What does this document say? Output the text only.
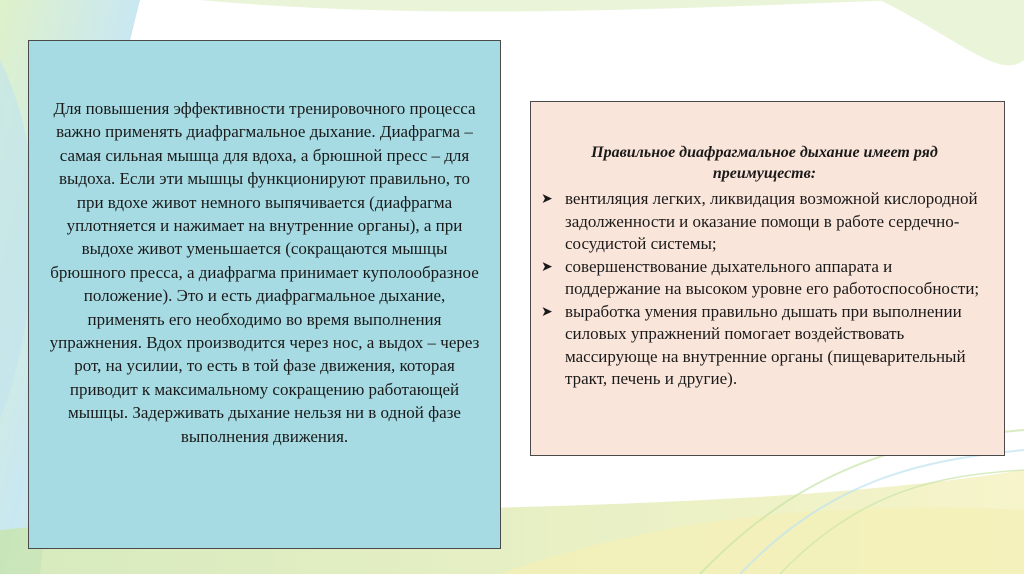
Для повышения эффективности тренировочного процесса важно применять диафрагмальное дыхание. Диафрагма – самая сильная мышца для вдоха, а брюшной пресс – для выдоха. Если эти мышцы функционируют правильно, то при вдохе живот немного выпячивается (диафрагма уплотняется и нажимает на внутренние органы), а при выдохе живот уменьшается (сокращаются мышцы брюшного пресса, а диафрагма принимает куполообразное положение). Это и есть диафрагмальное дыхание, применять его необходимо во время выполнения упражнения. Вдох производится через нос, а выдох – через рот, на усилии, то есть в той фазе движения, которая приводит к максимальному сокращению работающей мышцы. Задерживать дыхание нельзя ни в одной фазе выполнения движения.
Правильное диафрагмальное дыхание имеет ряд преимуществ:
➤ вентиляция легких, ликвидация возможной кислородной задолженности и оказание помощи в работе сердечно-сосудистой системы;
➤ совершенствование дыхательного аппарата и поддержание на высоком уровне его работоспособности;
➤ выработка умения правильно дышать при выполнении силовых упражнений помогает воздействовать массирующе на внутренние органы (пищеварительный тракт, печень и другие).
